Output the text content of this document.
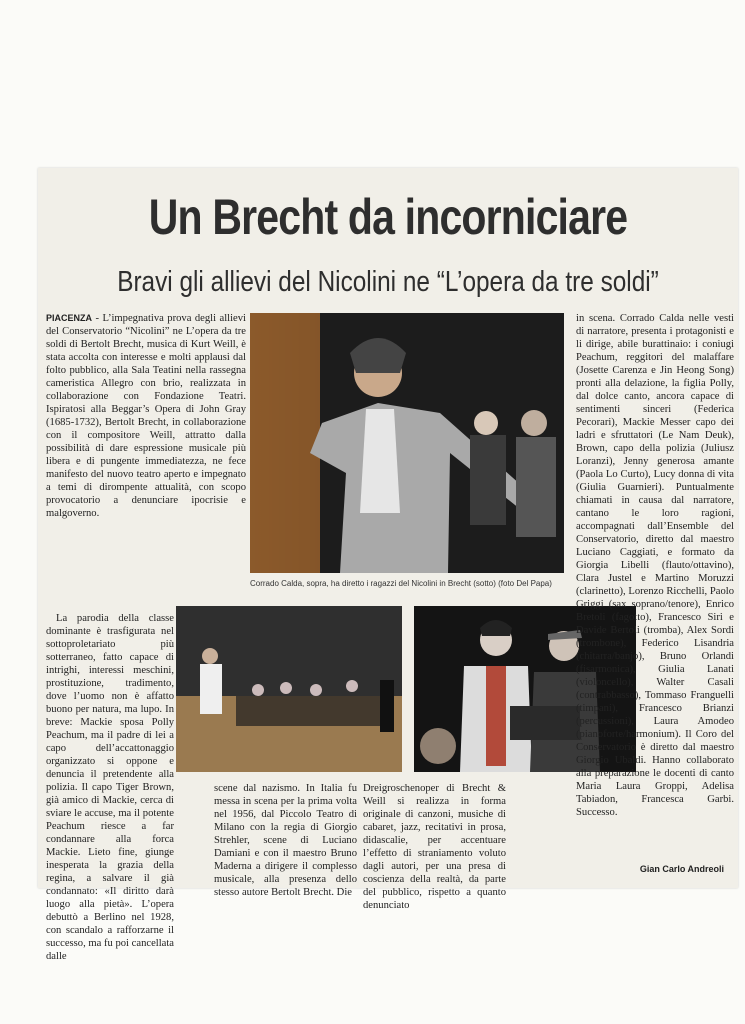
Un Brecht da incorniciare
Bravi gli allievi del Nicolini ne “L’opera da tre soldi”

PIACENZA - L’impegnativa prova degli allievi del Conservatorio “Nicolini” ne L’opera da tre soldi di Bertolt Brecht, musica di Kurt Weill, è stata accolta con interesse e molti applausi dal folto pubblico, alla Sala Teatini nella rassegna cameristica Allegro con brio, realizzata in collaborazione con Fondazione Teatri. Ispiratosi alla Beggar’s Opera di John Gray (1685-1732), Bertolt Brecht, in collaborazione con il compositore Weill, attratto dalla possibilità di dare espressione musicale più libera e di pungente immediatezza, ne fece manifesto del nuovo teatro aperto e impegnato a temi di dirompente attualità, con scopo provocatorio a denunciare ipocrisie e malgoverno.

La parodia della classe dominante è trasfigurata nel sottoproletariato più sotterraneo, fatto capace di intrighi, interessi meschini, prostituzione, tradimento, dove l’uomo non è affatto buono per natura, ma lupo. In breve: Mackie sposa Polly Peachum, ma il padre di lei a capo dell’accattonaggio organizzato si oppone e denuncia il pretendente alla polizia. Il capo Tiger Brown, già amico di Mackie, cerca di sviare le accuse, ma il potente Peachum riesce a far condannare alla forca Mackie. Lieto fine, giunge inesperata la grazia della regina, a salvare il già condannato: «Il diritto darà luogo alla pietà». L’opera debuttò a Berlino nel 1928, con scandalo a rafforzarne il successo, ma fu poi cancellata dalle

Corrado Calda, sopra, ha diretto i ragazzi del Nicolini in Brecht (sotto) (foto Del Papa)

scene dal nazismo. In Italia fu messa in scena per la prima volta nel 1956, dal Piccolo Teatro di Milano con la regia di Giorgio Strehler, scene di Luciano Damiani e con il maestro Bruno Maderna a dirigere il complesso musicale, alla presenza dello stesso autore Bertolt Brecht. Die

Dreigroschenoper di Brecht & Weill si realizza in forma originale di canzoni, musiche di cabaret, jazz, recitativi in prosa, didascalie, per accentuare l’effetto di straniamento voluto dagli autori, per una presa di coscienza della realtà, da parte del pubblico, rispetto a quanto denunciato

in scena. Corrado Calda nelle vesti di narratore, presenta i protagonisti e li dirige, abile burattinaio: i coniugi Peachum, reggitori del malaffare (Josette Carenza e Jin Heong Song) pronti alla delazione, la figlia Polly, dal dolce canto, ancora capace di sentimenti sinceri (Federica Pecorari), Mackie Messer capo dei ladri e sfruttatori (Le Nam Deuk), Brown, capo della polizia (Juliusz Loranzi), Jenny generosa amante (Paola Lo Curto), Lucy donna di vita (Giulia Guarnieri). Puntualmente chiamati in causa dal narratore, cantano le loro ragioni, accompagnati dall’Ensemble del Conservatorio, diretto dal maestro Luciano Caggiati, e formato da Giorgia Libelli (flauto/ottavino), Clara Justel e Martino Moruzzi (clarinetto), Lorenzo Ricchelli, Paolo Griggi (sax soprano/tenore), Enrico Bretoli (fagotto), Francesco Siri e Davide Bertoli (tromba), Alex Sordi (trombone), Federico Lisandria (chitarra/banjo), Bruno Orlandi (fisarmonica), Giulia Lanati (violoncello), Walter Casali (contrabbasso), Tommaso Franguelli (timpani), Francesco Brianzi (percussioni), Laura Amodeo (pianoforte/harmonium). Il Coro del Conservatorio è diretto dal maestro Giorgio Ubaldi. Hanno collaborato alla preparazione le docenti di canto Maria Laura Groppi, Adelisa Tabiadon, Francesca Garbi. Successo.

Gian Carlo Andreoli
